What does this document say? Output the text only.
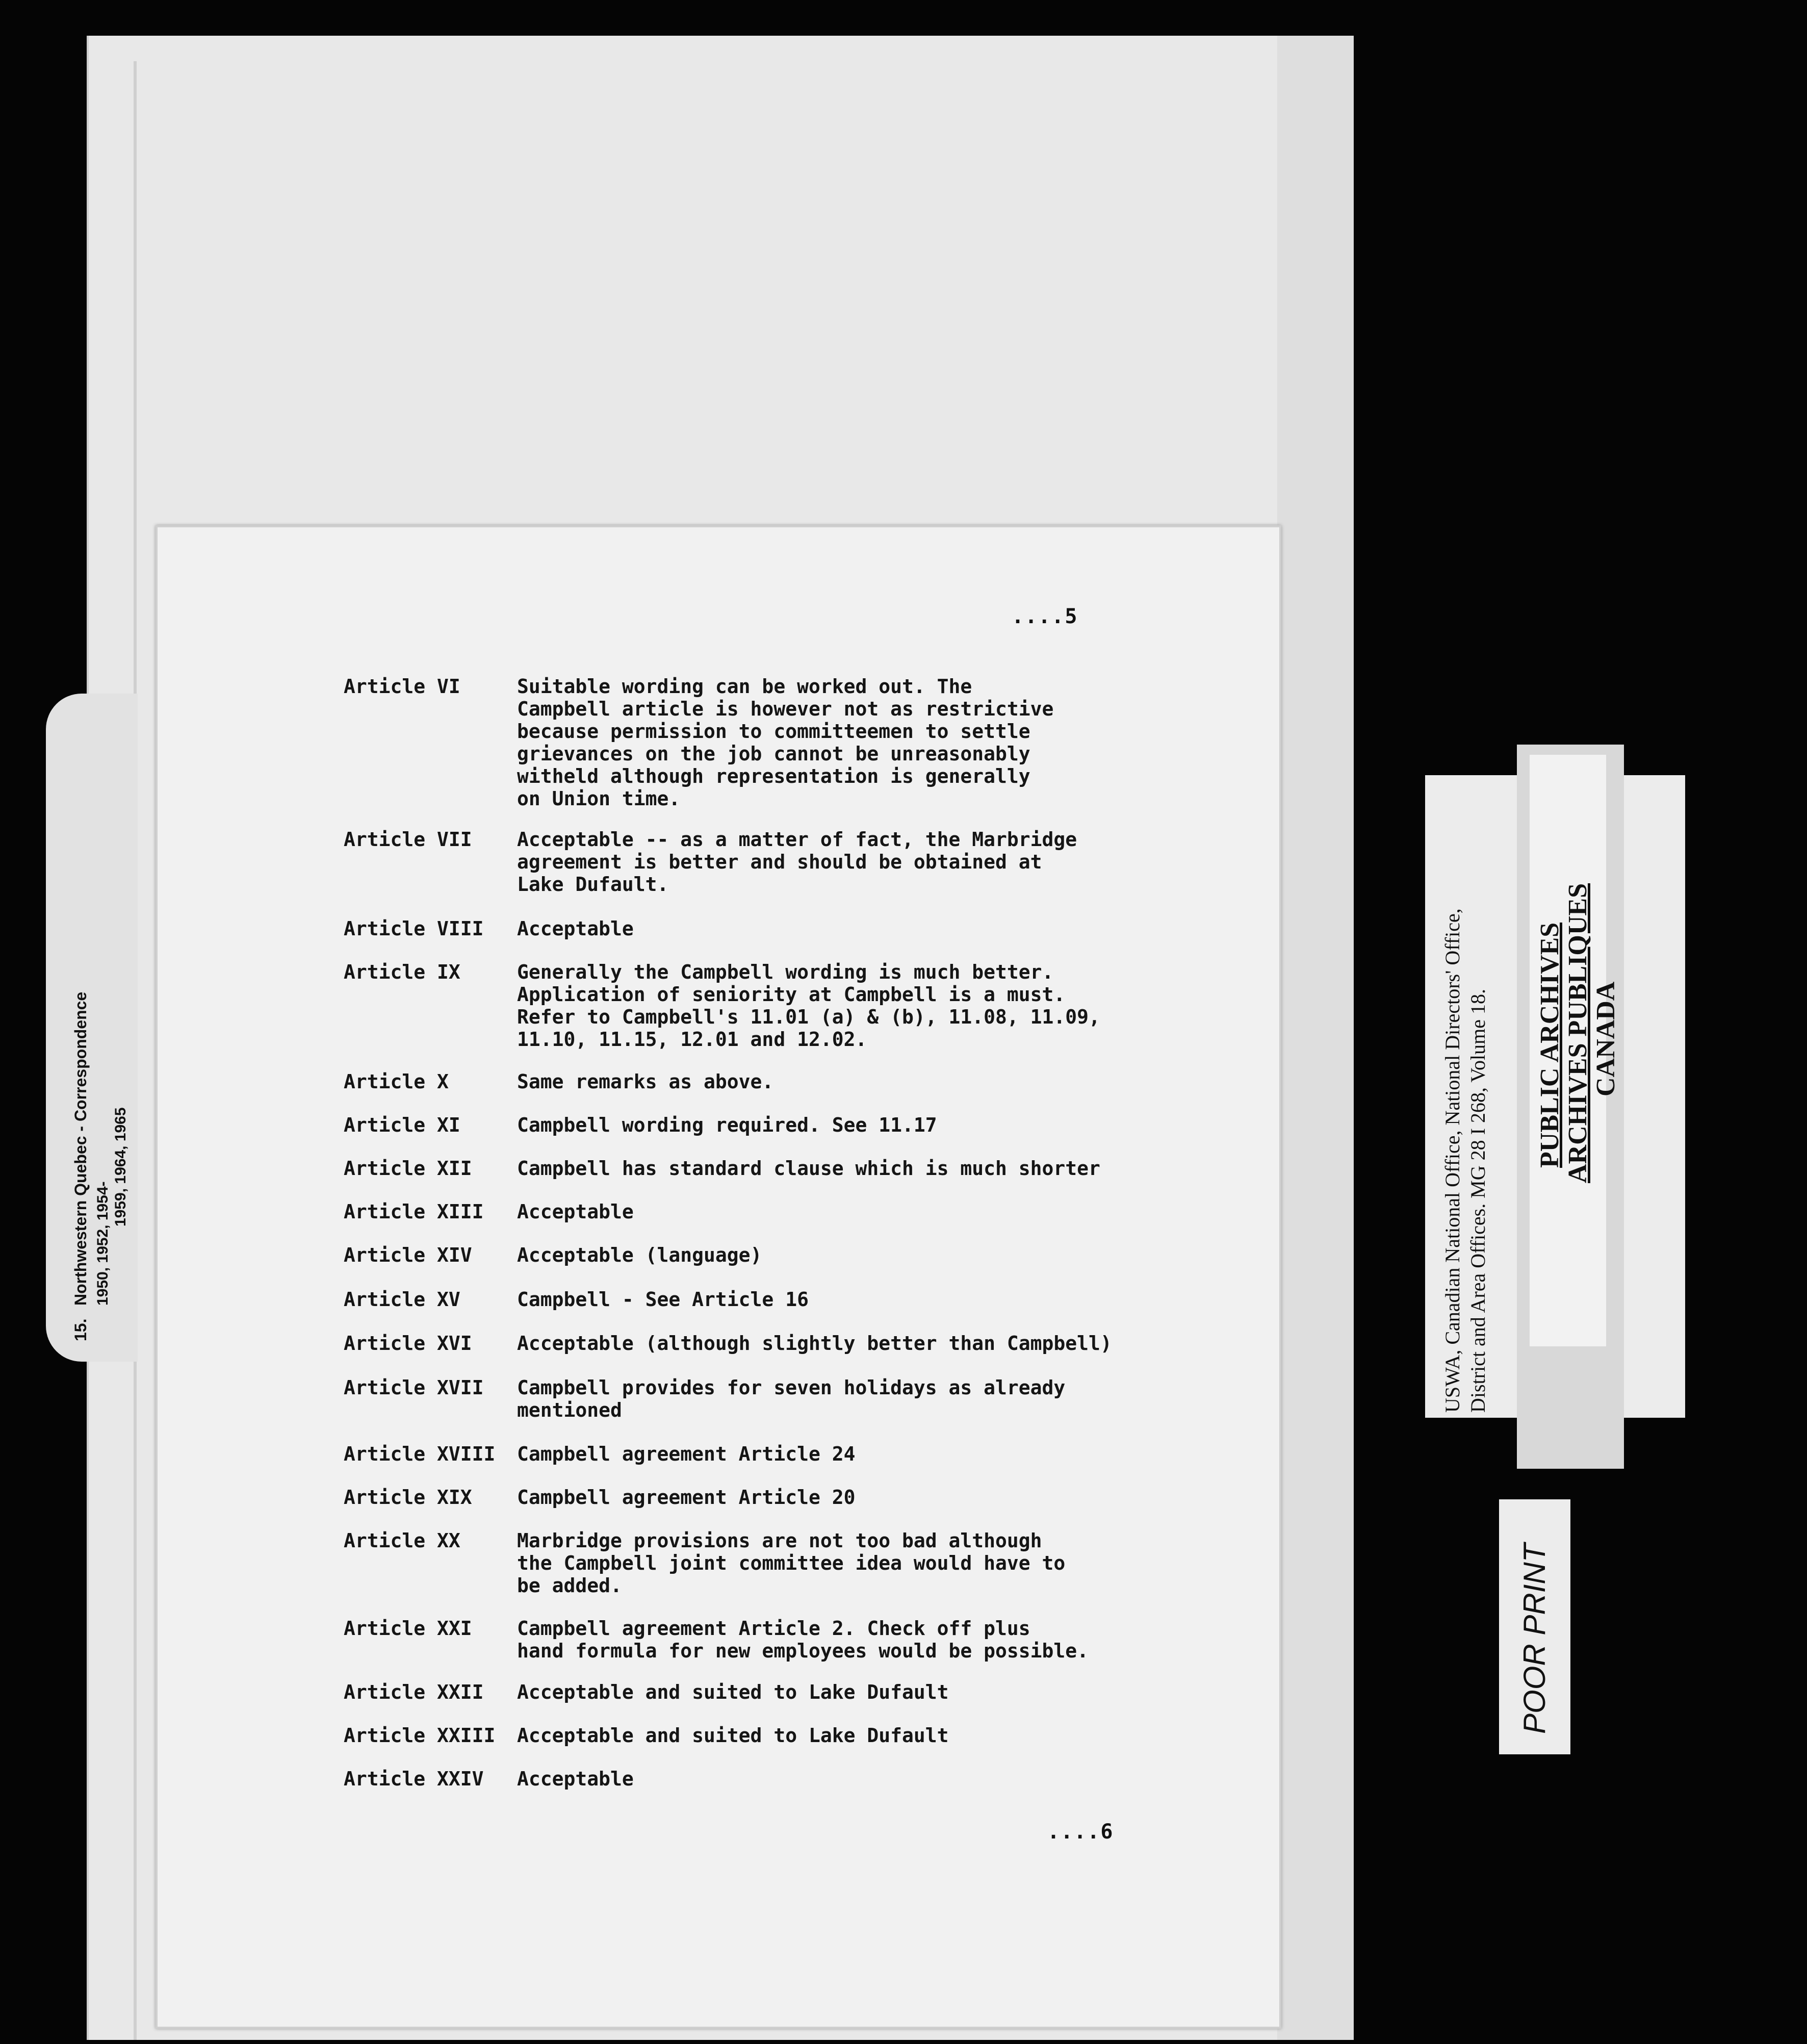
15.
Northwestern Quebec - Correspondence 1950, 1952, 1954-
1959, 1964, 1965
....5
Article VI	Suitable wording can be worked out. The
Campbell article is however not as restrictive
because permission to committeemen to settle
grievances on the job cannot be unreasonably
witheld although representation is generally
on Union time.
Article VII	Acceptable -- as a matter of fact, the Marbridge
agreement is better and should be obtained at
Lake Dufault.
Article VIII	Acceptable
Article IX	Generally the Campbell wording is much better.
Application of seniority at Campbell is a must.
Refer to Campbell's 11.01 (a) & (b), 11.08, 11.09,
11.10, 11.15, 12.01 and 12.02.
Article X	Same remarks as above.
Article XI	Campbell wording required. See 11.17
Article XII	Campbell has standard clause which is much shorter
Article XIII	Acceptable
Article XIV	Acceptable (language)
Article XV	Campbell - See Article 16
Article XVI	Acceptable (although slightly better than Campbell)
Article XVII	Campbell provides for seven holidays as already
mentioned
Article XVIII	Campbell agreement Article 24
Article XIX	Campbell agreement Article 20
Article XX	Marbridge provisions are not too bad although
the Campbell joint committee idea would have to
be added.
Article XXI	Campbell agreement Article 2. Check off plus
hand formula for new employees would be possible.
Article XXII	Acceptable and suited to Lake Dufault
Article XXIII	Acceptable and suited to Lake Dufault
Article XXIV	Acceptable
....6
USWA, Canadian National Office, National Directors' Office, District and Area Offices. MG 28 I 268, Volume 18. PUBLIC ARCHIVES
ARCHIVES PUBLIQUES
CANADA
POOR PRINT
